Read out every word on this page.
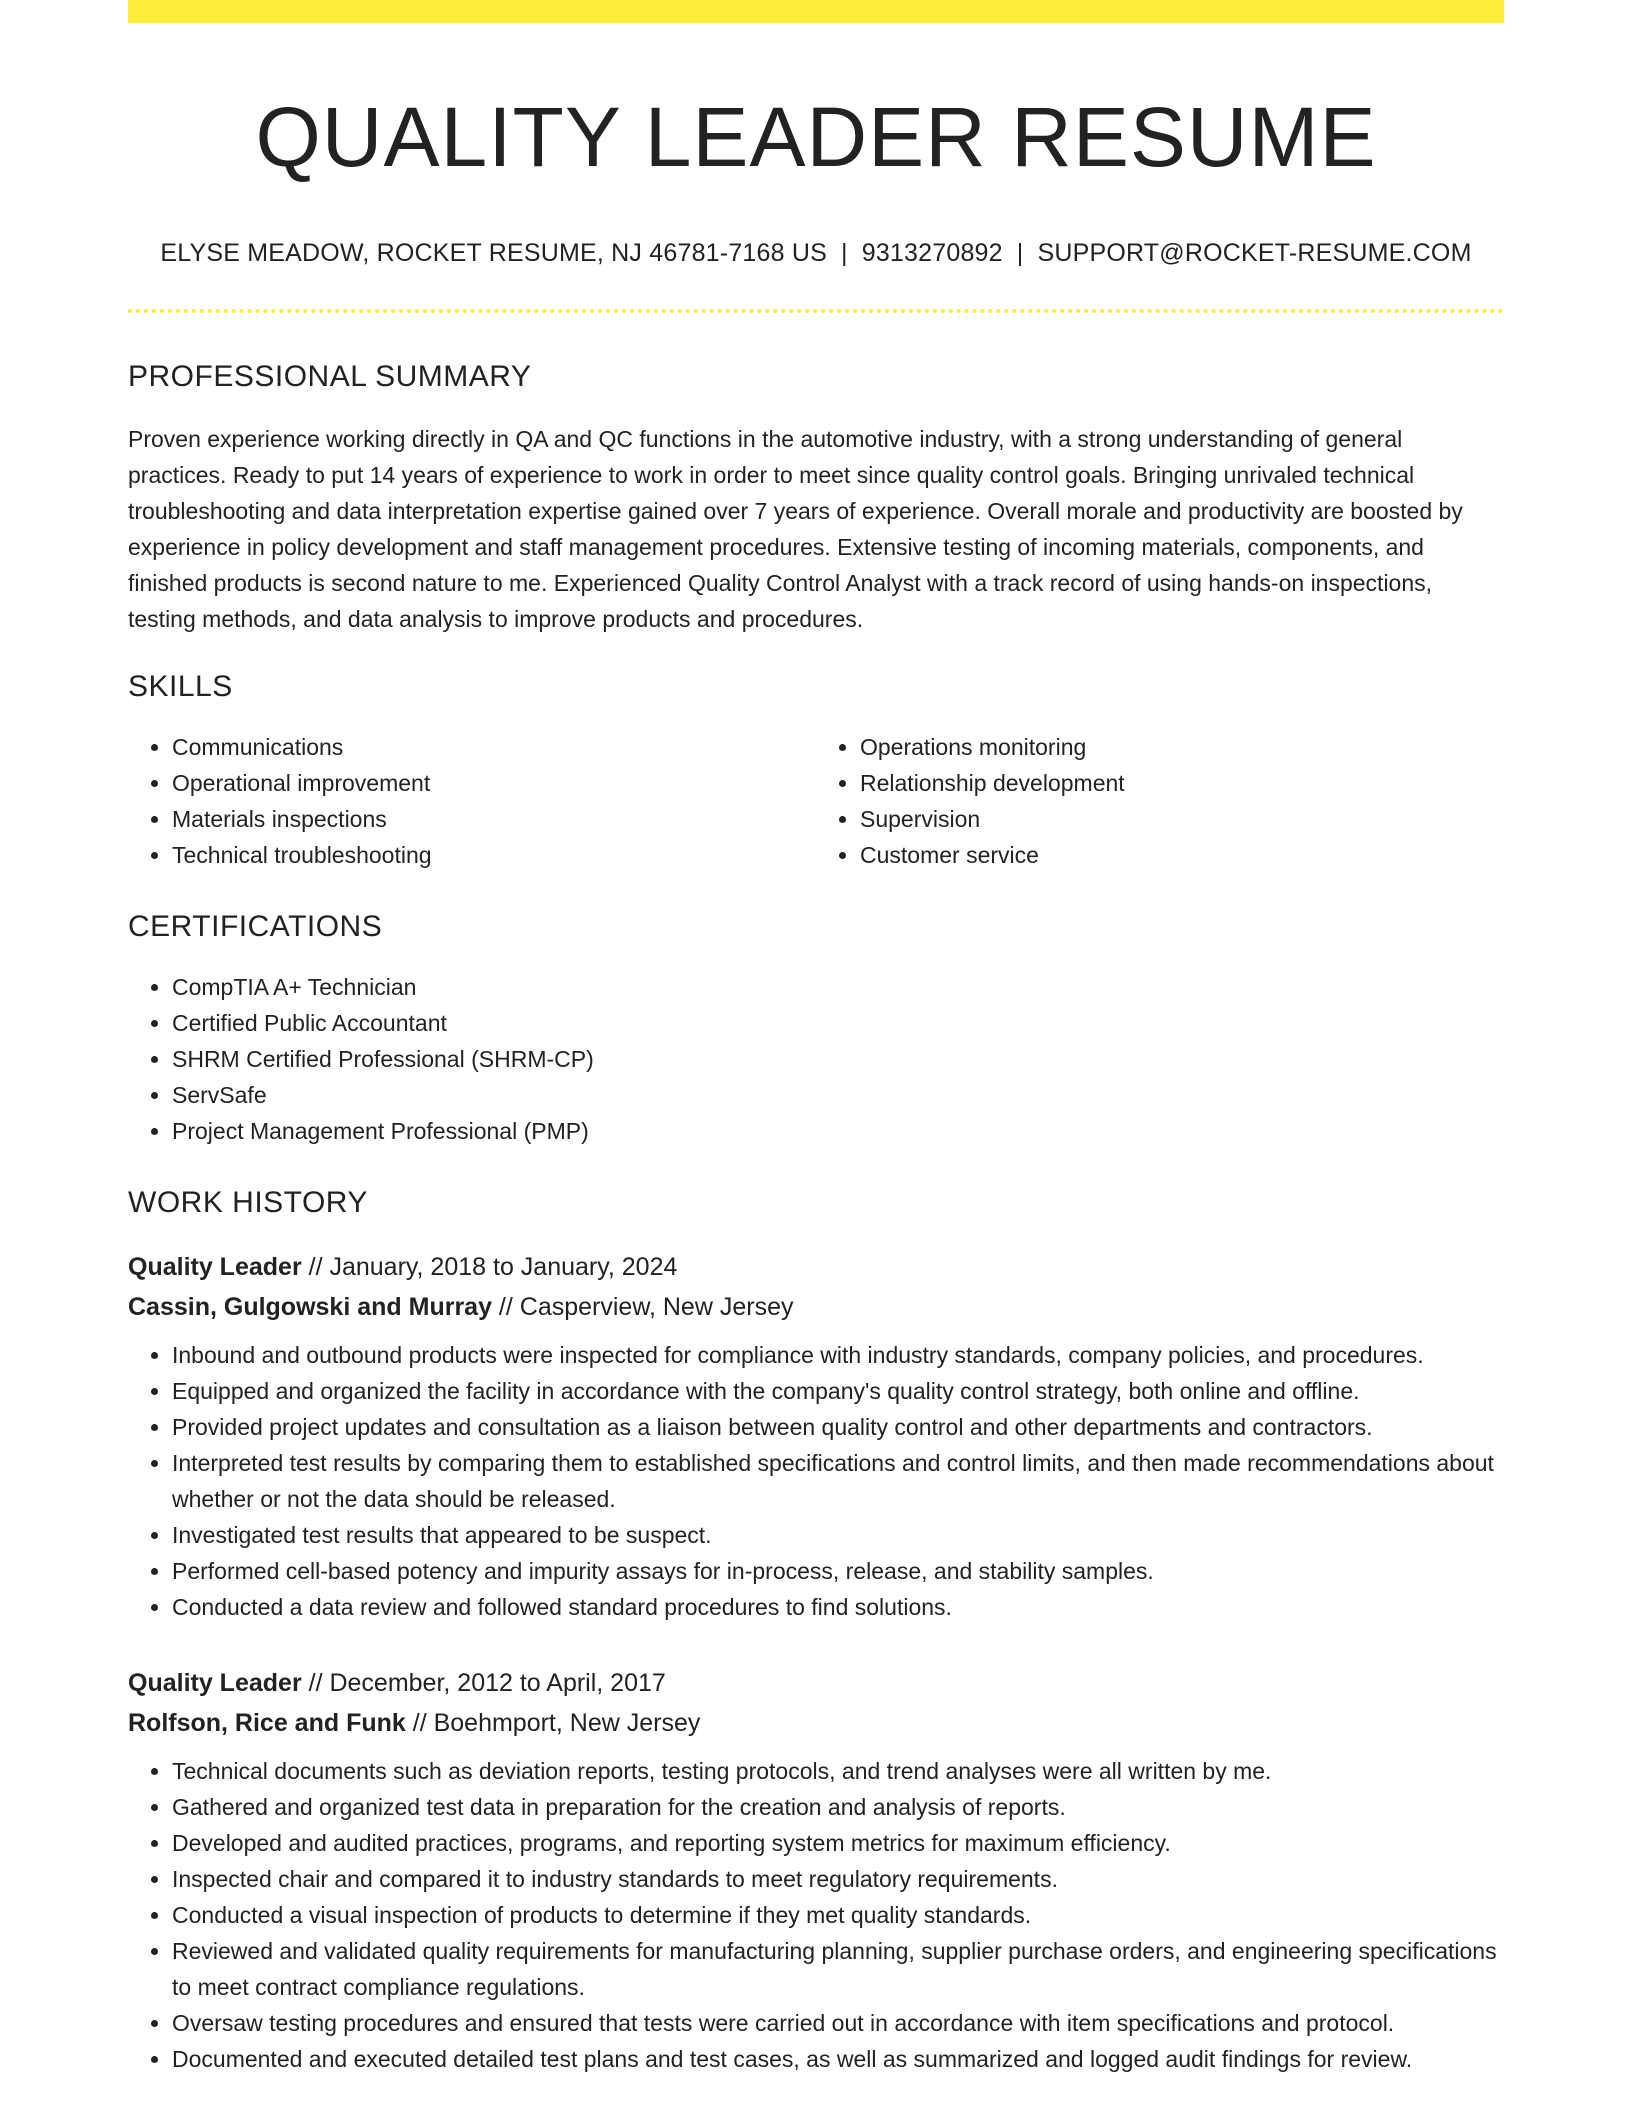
QUALITY LEADER RESUME
ELYSE MEADOW, ROCKET RESUME, NJ 46781-7168 US | 9313270892 | SUPPORT@ROCKET-RESUME.COM
PROFESSIONAL SUMMARY

Proven experience working directly in QA and QC functions in the automotive industry, with a strong understanding of general practices. Ready to put 14 years of experience to work in order to meet since quality control goals. Bringing unrivaled technical troubleshooting and data interpretation expertise gained over 7 years of experience. Overall morale and productivity are boosted by experience in policy development and staff management procedures. Extensive testing of incoming materials, components, and finished products is second nature to me. Experienced Quality Control Analyst with a track record of using hands-on inspections, testing methods, and data analysis to improve products and procedures.

SKILLS
• Communications
• Operational improvement
• Materials inspections
• Technical troubleshooting
• Operations monitoring
• Relationship development
• Supervision
• Customer service
CERTIFICATIONS
• CompTIA A+ Technician
• Certified Public Accountant
• SHRM Certified Professional (SHRM-CP)
• ServSafe
• Project Management Professional (PMP)
WORK HISTORY
Quality Leader // January, 2018 to January, 2024
Cassin, Gulgowski and Murray // Casperview, New Jersey
• Inbound and outbound products were inspected for compliance with industry standards, company policies, and procedures.
• Equipped and organized the facility in accordance with the company's quality control strategy, both online and offline.
• Provided project updates and consultation as a liaison between quality control and other departments and contractors.
• Interpreted test results by comparing them to established specifications and control limits, and then made recommendations about whether or not the data should be released.
• Investigated test results that appeared to be suspect.
• Performed cell-based potency and impurity assays for in-process, release, and stability samples.
• Conducted a data review and followed standard procedures to find solutions.
Quality Leader // December, 2012 to April, 2017
Rolfson, Rice and Funk // Boehmport, New Jersey
• Technical documents such as deviation reports, testing protocols, and trend analyses were all written by me.
• Gathered and organized test data in preparation for the creation and analysis of reports.
• Developed and audited practices, programs, and reporting system metrics for maximum efficiency.
• Inspected chair and compared it to industry standards to meet regulatory requirements.
• Conducted a visual inspection of products to determine if they met quality standards.
• Reviewed and validated quality requirements for manufacturing planning, supplier purchase orders, and engineering specifications to meet contract compliance regulations.
• Oversaw testing procedures and ensured that tests were carried out in accordance with item specifications and protocol.
• Documented and executed detailed test plans and test cases, as well as summarized and logged audit findings for review.
